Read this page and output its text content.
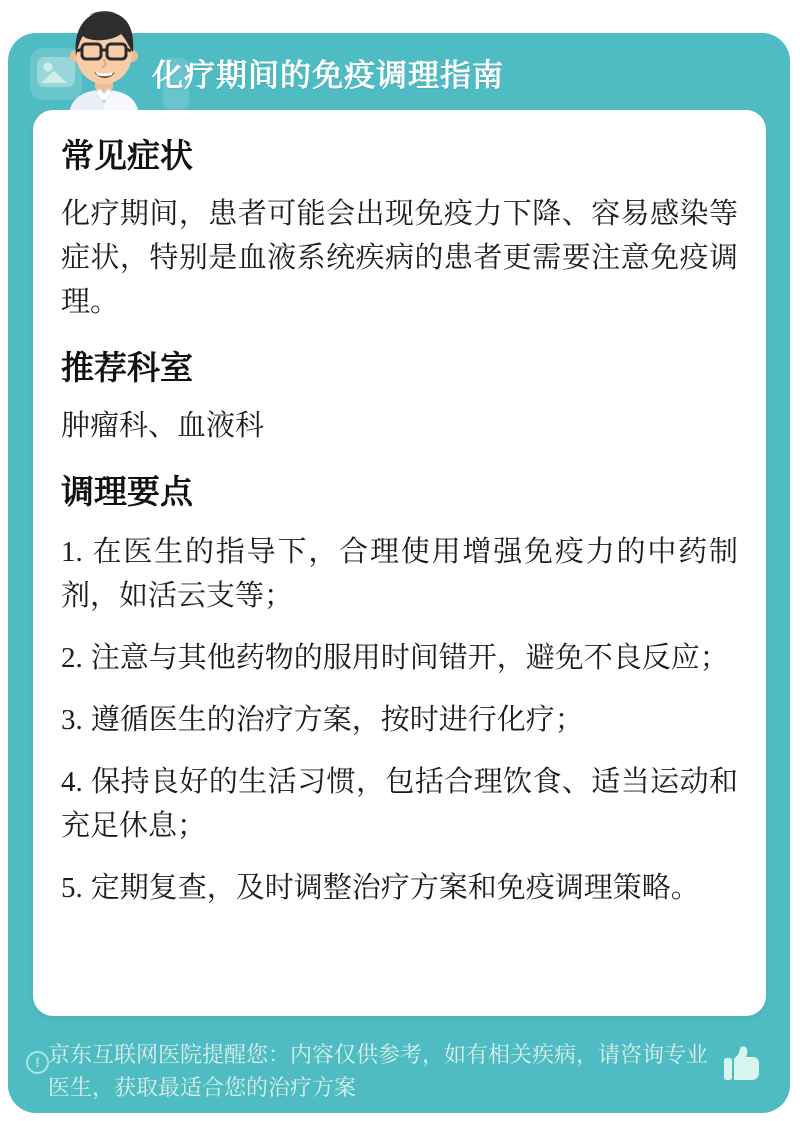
化疗期间的免疫调理指南
常见症状

化疗期间，患者可能会出现免疫力下降、容易感染等症状，特别是血液系统疾病的患者更需要注意免疫调理。

推荐科室

肿瘤科、血液科

调理要点

1. 在医生的指导下，合理使用增强免疫力的中药制剂，如活云支等；

2. 注意与其他药物的服用时间错开，避免不良反应；

3. 遵循医生的治疗方案，按时进行化疗；

4. 保持良好的生活习惯，包括合理饮食、适当运动和充足休息；

5. 定期复查，及时调整治疗方案和免疫调理策略。

! 京东互联网医院提醒您：内容仅供参考，如有相关疾病，请咨询专业医生，获取最适合您的治疗方案
